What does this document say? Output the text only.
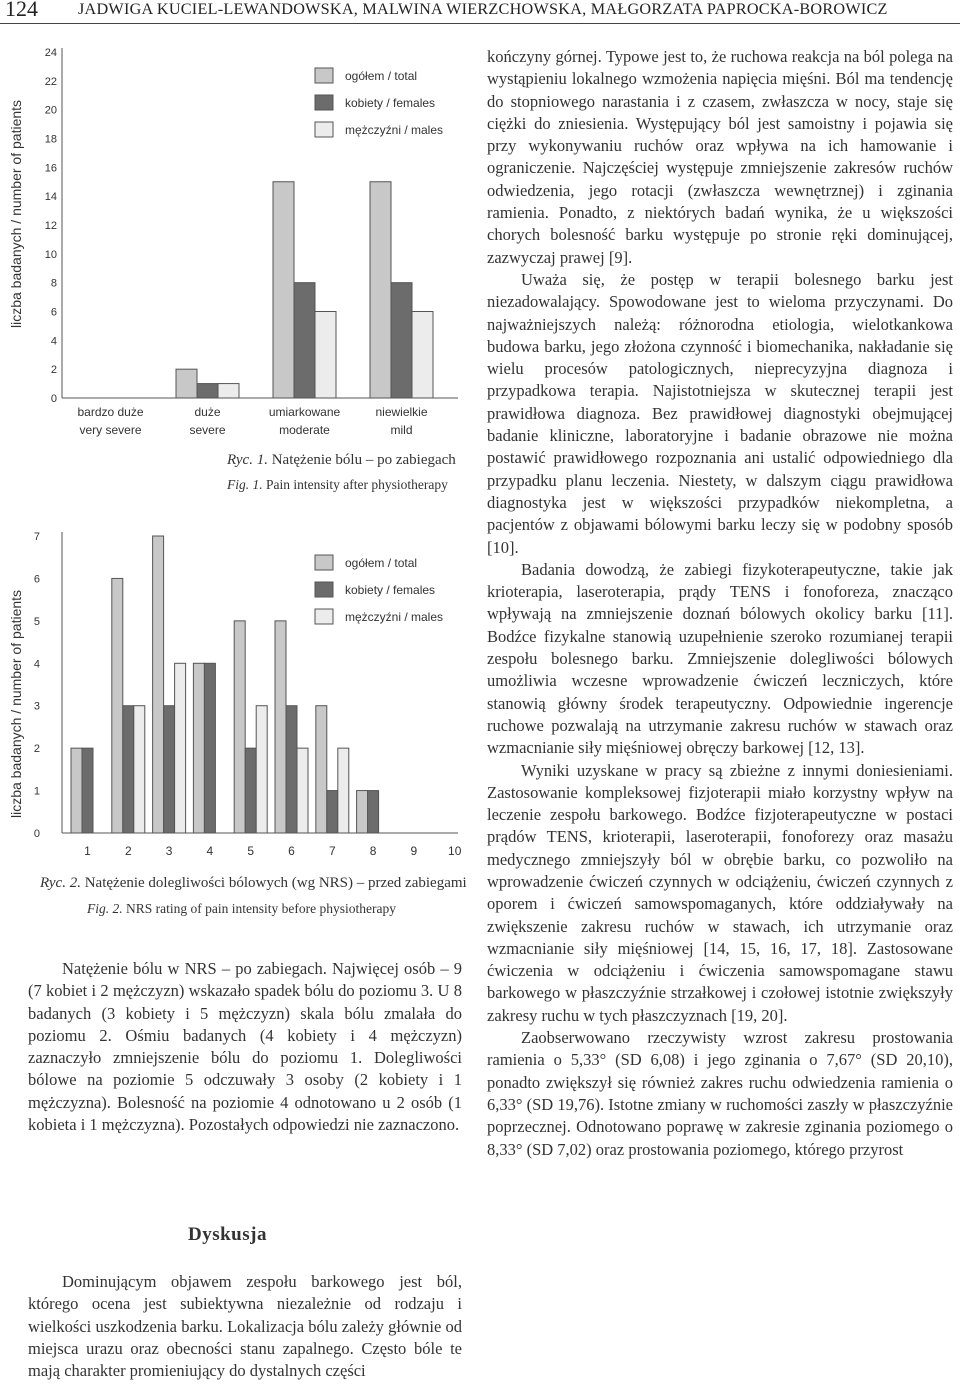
124 JADWIGA KUCIEL-LEWANDOWSKA, MALWINA WIERZCHOWSKA, MAŁGORZATA PAPROCKA-BOROWICZ
liczba badanych / number of patients
0
2
4
6
8
10
12
14
16
18
20
22
24
bardzo duże
very severe
duże
severe
umiarkowane
moderate
niewielkie
mild
ogółem / total
kobiety / females
mężczyźni / males
Ryc. 1. Natężenie bólu – po zabiegach
Fig. 1. Pain intensity after physiotherapy
liczba badanych / number of patients
0
1
2
3
4
5
6
7
1	2	3	4	5	6	7	8	9	10
ogółem / total
kobiety / females
mężczyźni / males
Ryc. 2. Natężenie dolegliwości bólowych (wg NRS) – przed zabiegami
Fig. 2. NRS rating of pain intensity before physiotherapy

Natężenie bólu w NRS – po zabiegach. Najwięcej osób – 9 (7 kobiet i 2 mężczyzn) wskazało spadek bólu do poziomu 3. U 8 badanych (3 kobiety i 5 mężczyzn) skala bólu zmalała do poziomu 2. Ośmiu badanych (4 kobiety i 4 mężczyzn) zaznaczyło zmniejszenie bólu do poziomu 1. Dolegliwości bólowe na poziomie 5 odczuwały 3 osoby (2 kobiety i 1 mężczyzna). Bolesność na poziomie 4 odnotowano u 2 osób (1 kobieta i 1 mężczyzna). Pozostałych odpowiedzi nie zaznaczono.

Dyskusja

Dominującym objawem zespołu barkowego jest ból, którego ocena jest subiektywna niezależnie od rodzaju i wielkości uszkodzenia barku. Lokalizacja bólu zależy głównie od miejsca urazu oraz obecności stanu zapalnego. Często bóle te mają charakter promieniujący do dystalnych części

kończyny górnej. Typowe jest to, że ruchowa reakcja na ból polega na wystąpieniu lokalnego wzmożenia napięcia mięśni. Ból ma tendencję do stopniowego narastania i z czasem, zwłaszcza w nocy, staje się ciężki do zniesienia. Występujący ból jest samoistny i pojawia się przy wykonywaniu ruchów oraz wpływa na ich hamowanie i ograniczenie. Najczęściej występuje zmniejszenie zakresów ruchów odwiedzenia, jego rotacji (zwłaszcza wewnętrznej) i zginania ramienia. Ponadto, z niektórych badań wynika, że u większości chorych bolesność barku występuje po stronie ręki dominującej, zazwyczaj prawej [9].

Uważa się, że postęp w terapii bolesnego barku jest niezadowalający. Spowodowane jest to wieloma przyczynami. Do najważniejszych należą: różnorodna etiologia, wielotkankowa budowa barku, jego złożona czynność i biomechanika, nakładanie się wielu procesów patologicznych, nieprecyzyjna diagnoza i przypadkowa terapia. Najistotniejsza w skutecznej terapii jest prawidłowa diagnoza. Bez prawidłowej diagnostyki obejmującej badanie kliniczne, laboratoryjne i badanie obrazowe nie można postawić prawidłowego rozpoznania ani ustalić odpowiedniego dla przypadku planu leczenia. Niestety, w dalszym ciągu prawidłowa diagnostyka jest w większości przypadków niekompletna, a pacjentów z objawami bólowymi barku leczy się w podobny sposób [10].

Badania dowodzą, że zabiegi fizykoterapeutyczne, takie jak krioterapia, laseroterapia, prądy TENS i fonoforeza, znacząco wpływają na zmniejszenie doznań bólowych okolicy barku [11]. Bodźce fizykalne stanowią uzupełnienie szeroko rozumianej terapii zespołu bolesnego barku. Zmniejszenie dolegliwości bólowych umożliwia wczesne wprowadzenie ćwiczeń leczniczych, które stanowią główny środek terapeutyczny. Odpowiednie ingerencje ruchowe pozwalają na utrzymanie zakresu ruchów w stawach oraz wzmacnianie siły mięśniowej obręczy barkowej [12, 13].

Wyniki uzyskane w pracy są zbieżne z innymi doniesieniami. Zastosowanie kompleksowej fizjoterapii miało korzystny wpływ na leczenie zespołu barkowego. Bodźce fizjoterapeutyczne w postaci prądów TENS, krioterapii, laseroterapii, fonoforezy oraz masażu medycznego zmniejszyły ból w obrębie barku, co pozwoliło na wprowadzenie ćwiczeń czynnych w odciążeniu, ćwiczeń czynnych z oporem i ćwiczeń samowspomaganych, które oddziaływały na zwiększenie zakresu ruchów w stawach, ich utrzymanie oraz wzmacnianie siły mięśniowej [14, 15, 16, 17, 18]. Zastosowane ćwiczenia w odciążeniu i ćwiczenia samowspomagane stawu barkowego w płaszczyźnie strzałkowej i czołowej istotnie zwiększyły zakresy ruchu w tych płaszczyznach [19, 20].

Zaobserwowano rzeczywisty wzrost zakresu prostowania ramienia o 5,33° (SD 6,08) i jego zginania o 7,67° (SD 20,10), ponadto zwiększył się również zakres ruchu odwiedzenia ramienia o 6,33° (SD 19,76). Istotne zmiany w ruchomości zaszły w płaszczyźnie poprzecznej. Odnotowano poprawę w zakresie zginania poziomego o 8,33° (SD 7,02) oraz prostowania poziomego, którego przyrost
